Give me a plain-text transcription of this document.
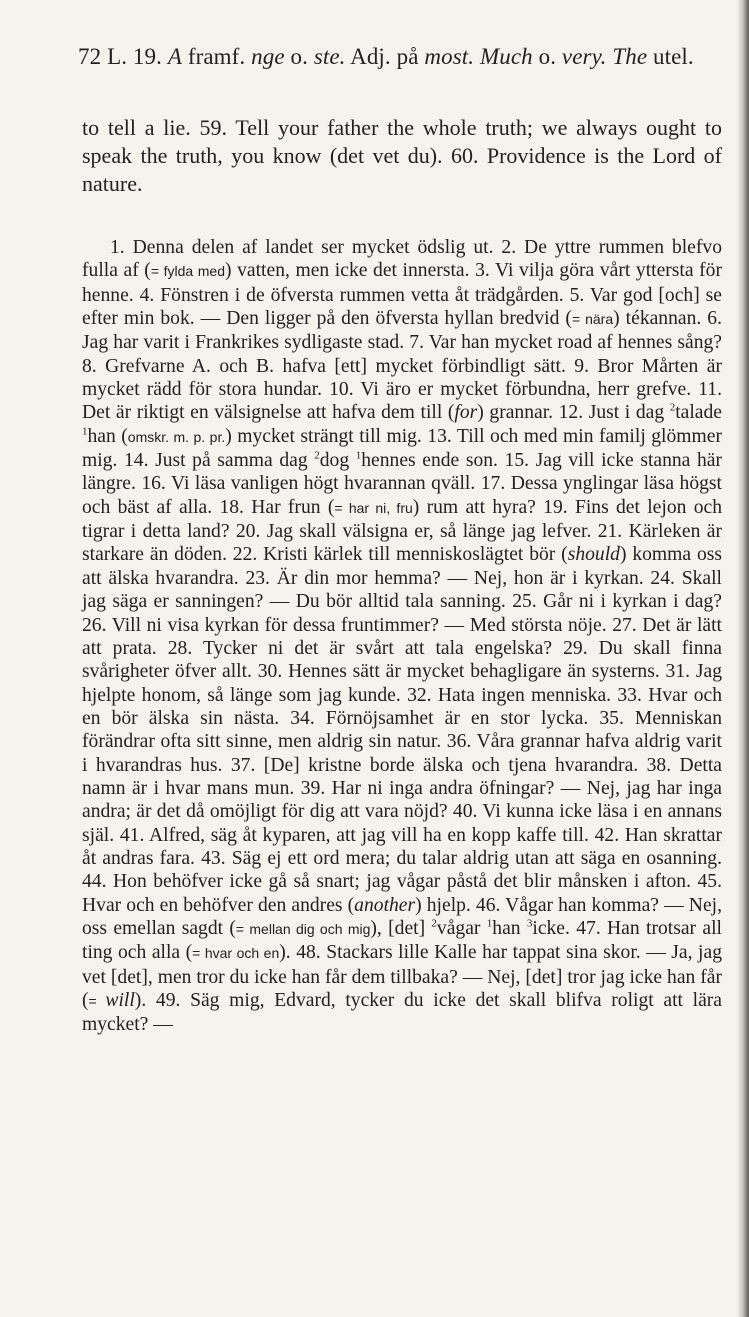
72 L. 19. A framf. nge o. ste. Adj. på most. Much o. very. The utel.
to tell a lie. 59. Tell your father the whole truth; we always ought to speak the truth, you know (det vet du). 60. Providence is the Lord of nature.
1. Denna delen af landet ser mycket ödslig ut. 2. De yttre rummen blefvo fulla af (= fylda med) vatten, men icke det innersta. 3. Vi vilja göra vårt yttersta för henne. 4. Fönstren i de öfversta rummen vetta åt trädgården. 5. Var god [och] se efter min bok. — Den ligger på den öfversta hyllan bredvid (= nära) tékannan. 6. Jag har varit i Frankrikes sydligaste stad. 7. Var han mycket road af hennes sång? 8. Grefvarne A. och B. hafva [ett] mycket förbindligt sätt. 9. Bror Mårten är mycket rädd för stora hundar. 10. Vi äro er mycket förbundna, herr grefve. 11. Det är riktigt en välsignelse att hafva dem till (for) grannar. 12. Just i dag $^2$talade $^1$han (omskr. m. p. pr.) mycket strängt till mig. 13. Till och med min familj glömmer mig. 14. Just på samma dag $^2$dog $^1$hennes ende son. 15. Jag vill icke stanna här längre. 16. Vi läsa vanligen högt hvarannan qväll. 17. Dessa ynglingar läsa högst och bäst af alla. 18. Har frun (= har ni, fru) rum att hyra? 19. Fins det lejon och tigrar i detta land? 20. Jag skall välsigna er, så länge jag lefver. 21. Kärleken är starkare än döden. 22. Kristi kärlek till menniskoslägtet bör (should) komma oss att älska hvarandra. 23. Är din mor hemma? — Nej, hon är i kyrkan. 24. Skall jag säga er sanningen? — Du bör alltid tala sanning. 25. Går ni i kyrkan i dag? 26. Vill ni visa kyrkan för dessa fruntimmer? — Med största nöje. 27. Det är lätt att prata. 28. Tycker ni det är svårt att tala engelska? 29. Du skall finna svårigheter öfver allt. 30. Hennes sätt är mycket behagligare än systerns. 31. Jag hjelpte honom, så länge som jag kunde. 32. Hata ingen menniska. 33. Hvar och en bör älska sin nästa. 34. Förnöjsamhet är en stor lycka. 35. Menniskan förändrar ofta sitt sinne, men aldrig sin natur. 36. Våra grannar hafva aldrig varit i hvarandras hus. 37. [De] kristne borde älska och tjena hvarandra. 38. Detta namn är i hvar mans mun. 39. Har ni inga andra öfningar? — Nej, jag har inga andra; är det då omöjligt för dig att vara nöjd? 40. Vi kunna icke läsa i en annans själ. 41. Alfred, säg åt kyparen, att jag vill ha en kopp kaffe till. 42. Han skrattar åt andras fara. 43. Säg ej ett ord mera; du talar aldrig utan att säga en osanning. 44. Hon behöfver icke gå så snart; jag vågar påstå det blir månsken i afton. 45. Hvar och en behöfver den andres (another) hjelp. 46. Vågar han komma? — Nej, oss emellan sagdt (= mellan dig och mig), [det] $^2$vågar $^1$han $^3$icke. 47. Han trotsar all ting och alla (= hvar och en). 48. Stackars lille Kalle har tappat sina skor. — Ja, jag vet [det], men tror du icke han får dem tillbaka? — Nej, [det] tror jag icke han får (= will). 49. Säg mig, Edvard, tycker du icke det skall blifva roligt att lära mycket? —
